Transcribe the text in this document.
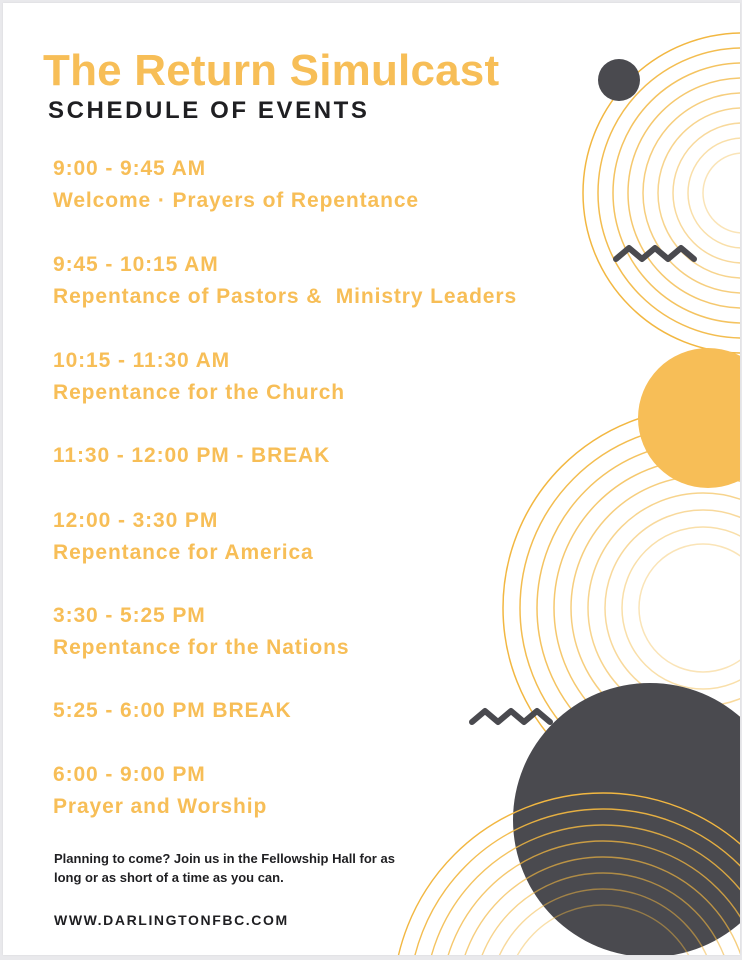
The Return Simulcast
SCHEDULE OF EVENTS
9:00 - 9:45 AM
Welcome · Prayers of Repentance
9:45 - 10:15 AM
Repentance of Pastors &  Ministry Leaders
10:15 - 11:30 AM
Repentance for the Church
11:30 - 12:00 PM - BREAK
12:00 - 3:30 PM
Repentance for America
3:30 - 5:25 PM
Repentance for the Nations
5:25 - 6:00 PM BREAK
6:00 - 9:00 PM
Prayer and Worship

Planning to come? Join us in the Fellowship Hall for as long or as short of a time as you can.

WWW.DARLINGTONFBC.COM
